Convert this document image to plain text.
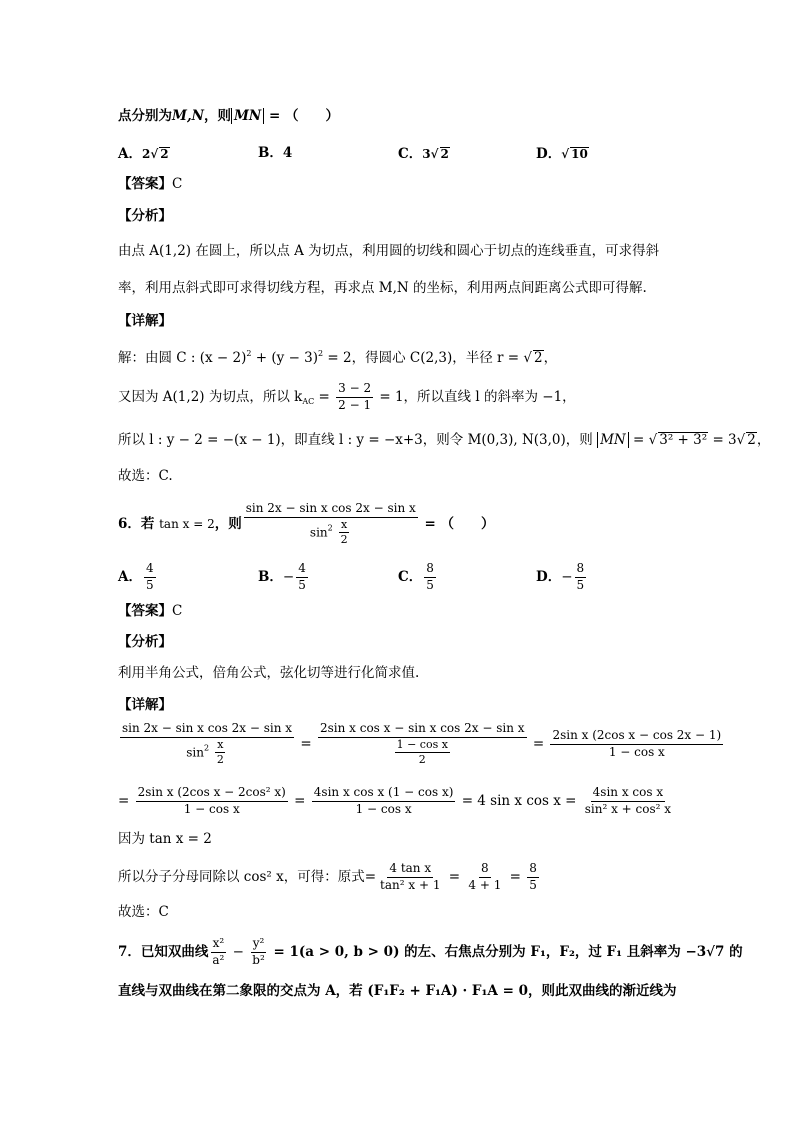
点分别为M,N，则 MN = （　　）
A．2 √ 2	B．4	C．3 √ 2	D． √ 10
【答案】C
【分析】
由点 A(1,2) 在圆上，所以点 A 为切点，利用圆的切线和圆心于切点的连线垂直，可求得斜
率，利用点斜式即可求得切线方程，再求点 M,N 的坐标，利用两点间距离公式即可得解.
【详解】
解：由圆 C : $(x - 2)^2 + (y - 3)^2 = 2$，得圆心 C(2,3)，半径 r = √ 2，
又因为 A(1,2) 为切点，所以 $k_{AC} = \frac{3 - 2}{2 - 1} = 1$，所以直线 l 的斜率为 −1，
所以 l : y − 2 = −(x − 1)，即直线 l : y = −x+3，则令 M(0,3), N(3,0)，则 MN = √ 3² + 3² = 3 √ 2，
故选：C.
6．若 tan x = 2，则 $\frac{\text{sin 2x − sin x cos 2x − sin x}}{\sin^2 \frac{x}{2}}$ = （　　）
A． $\frac{4}{5}$	B．− $\frac{4}{5}$	C． $\frac{8}{5}$	D．− $\frac{8}{5}$
【答案】C
【分析】
利用半角公式，倍角公式，弦化切等进行化简求值.
【详解】
$\frac{\text{sin 2x − sin x cos 2x − sin x}}{\sin^2 \frac{x}{2}} = \frac{\text{2sin x cos x − sin x cos 2x − sin x}}{\frac{\text{1 − cos x}}{2}} = \frac{\text{2sin x (2cos x − cos 2x − 1)}}{\text{1 − cos x}}$
= $\frac{\text{2sin x (2cos x − 2cos² x)}}{\text{1 − cos x}} = \frac{\text{4sin x cos x (1 − cos x)}}{\text{1 − cos x}} = 4$ sin x $\cos x = \frac{\text{4sin x cos x}}{\text{sin² x + cos² x}}$
因为 tan x = 2
所以分子分母同除以 cos² x，可得：原式= $\frac{\text{4 tan x}}{\text{tan² x + 1}} = \frac{8}{4 + 1} = \frac{8}{5}$
故选：C
7．已知双曲线 $\frac{\text{x²}}{\text{a²}} - \frac{\text{y²}}{\text{b²}} = 1(a > 0$, b > 0) 的左、右焦点分别为 F₁，F₂，过 F₁ 且斜率为 −3√7 的
直线与双曲线在第二象限的交点为 A，若 (F₁F₂ + F₁A) · F₁A = 0，则此双曲线的渐近线为
